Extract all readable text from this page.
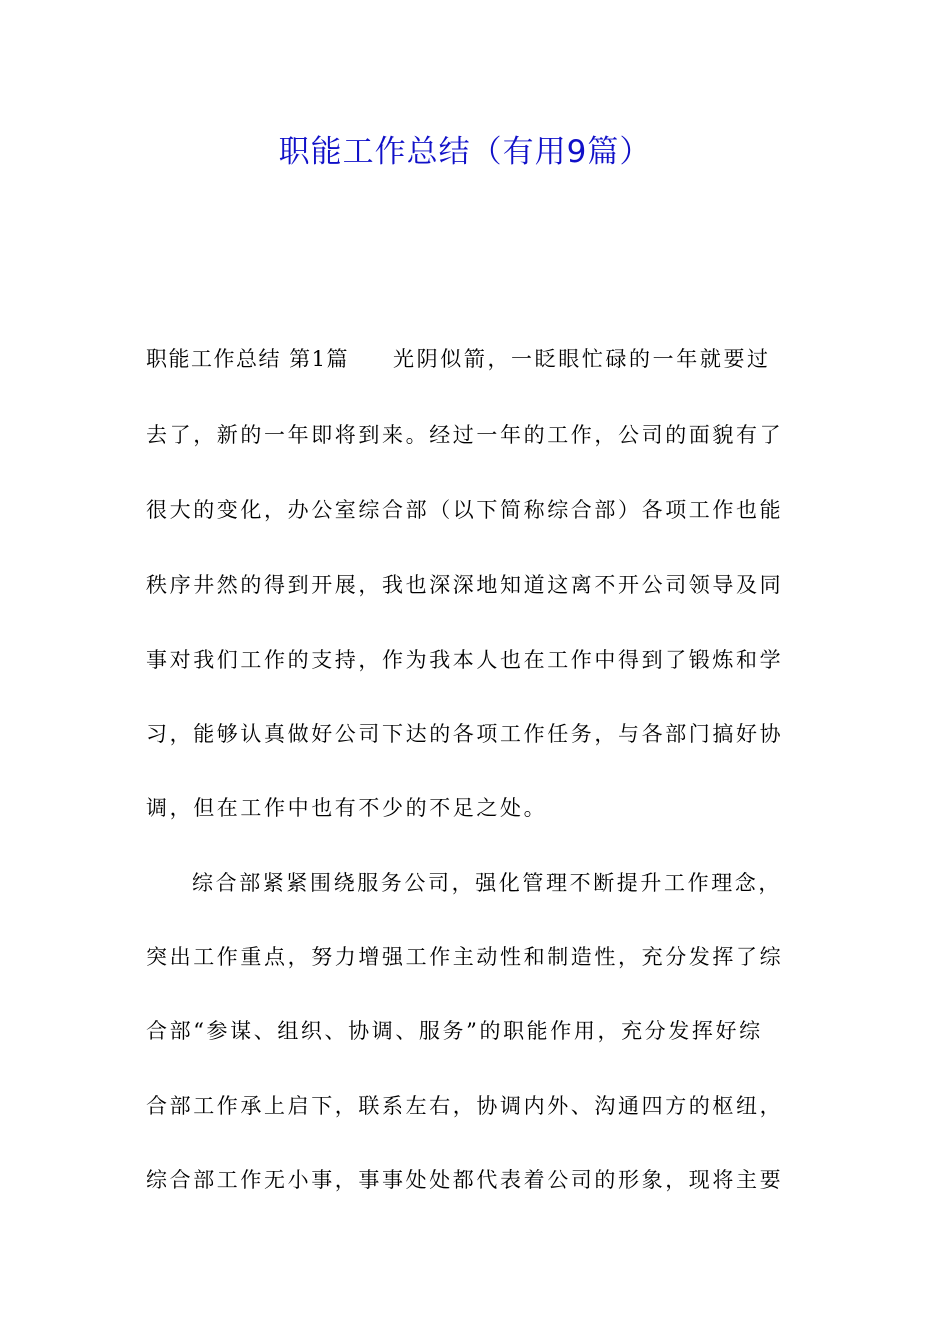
职能工作总结（有用9篇）
职能工作总结 第1篇 光阴似箭，一眨眼忙碌的一年就要过
去了，新的一年即将到来。经过一年的工作，公司的面貌有了
很大的变化，办公室综合部（以下简称综合部）各项工作也能
秩序井然的得到开展，我也深深地知道这离不开公司领导及同
事对我们工作的支持，作为我本人也在工作中得到了锻炼和学
习，能够认真做好公司下达的各项工作任务，与各部门搞好协
调，但在工作中也有不少的不足之处。
综合部紧紧围绕服务公司，强化管理不断提升工作理念，
突出工作重点，努力增强工作主动性和制造性，充分发挥了综
合部“参谋、组织、协调、服务”的职能作用，充分发挥好综
合部工作承上启下，联系左右，协调内外、沟通四方的枢纽，
综合部工作无小事，事事处处都代表着公司的形象，现将主要
